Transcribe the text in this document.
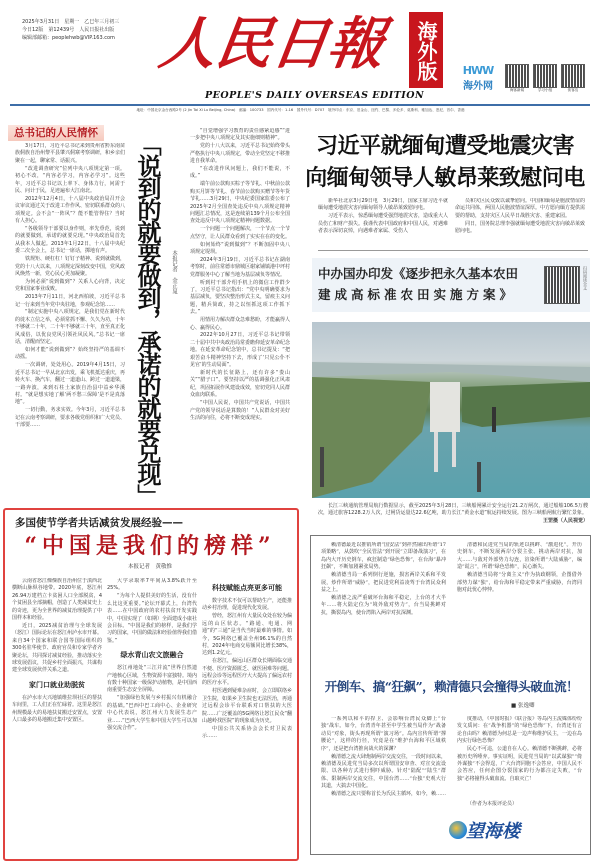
2025年3月31日　星期一　乙巳年三月初三
今日12版　第12439号　人民日报社出版
编辑部邮箱：peoplehwb@VIP.163.com 人民日報 海外版
PEOPLE'S DAILY OVERSEAS EDITION
HWW
海外网	海客新闻	学习小组	侠客岛
地址：中国北京金台西路2号 (2 Jin Tai Xi Lu Beijing, China)　邮编：100733　国内代号：1-16　国外代号：D707　境外印点：东京、旧金山、纽约、巴黎、多伦多、莫斯科、雅加达、悉尼、首尔、香港
总书记的人民情怀

3月17日，习近平总书记来到贵州省黔东南苗族侗族自治州黎平县肇兴侗寨考察调研，和乡亲们聚在一起，聊家常、话振兴。

“改进调查研究”位列中央八项规定第一项。初心不改，“内容必学习，内容必学习”。这些年，习近平总书记以上率下、身体力行，问需于民、问计于民，足迹遍布大江南北。

2012年12月4日，十八届中央政治局召开会议审议通过关于改进工作作风、密切联系群众的八项规定。会不会“一阵风”？能不能管得住？当时有人担心。

“各级领导干部要以身作则，率先垂范，说到的就要做到，承诺的就要兑现。”中央政治局首先从我本人做起。2013年1月22日，十八届中央纪委二次全会上，总书记一席话，掷地有声。

铁规矩、硬杠杠！钉钉子精神、说到就做到，党的十八大以来，八项规定深刻改变中国，党风政风焕然一新，党心民心更加凝聚。

为何必须“说到做到”？关系人心向背，决定党和国家事业成败。

2013年7月11日，河北西柏坡，习近平总书记一行来到当年党中央驻地，参观纪念馆……

“制定实施中央八项规定，是我们党在新时代的徙木立信之举，必须常抓不懈、久久为功，十年不够就二十年，二十年不够就三十年，直至真正化风成俗，以优良党风引领社风民风。”总书记一席话，清醒而坚定。

如何才能“说到做到”？始终坚持严的基调不动摇。

一次调研，处处用心。2019年4月15日，习近平总书记一早从北京出发，乘飞机抵达重庆，再转火车、换汽车，翻过一道道山、跨过一道道梁，一路奔波，来到石柱土家族自治县中益乡华溪村。“就是想实地了解‘两不愁三保障’是不是真落地”。

一切行動，务求实效。今年3月，习近平总书记在云南考察调研，要求各级党组织和广大党员、干部要……	「说到的就要做到，承诺的就要兑现」 本报记者　金正晁

“自觉增强学习教育的责任感紧迫感”“进一步把中央八项规定及其实施细则精神”。

党的十八大以来，习近平总书记始终带头严格执行中央八项规定，带动全党坚定不移推进自我革命。

“在改进作风问题上，我们不能说，不成。”

端午前公款购买粽子等节礼、中秋前公款购买月饼等节礼、春节前公款购买赠节等年货节礼……3月29日，中央纪委国家监委公布了2025年2月全国查处违反中央八项规定精神问题汇总情况，这是连续第139个月公布全国查处违反中央八项规定精神问题数据。

一个问题一个问题解决，一个节点一个节点坚守，让人民群众看到了实实在在的变化。

如何始终“说到做到”？不断加固中央八项规定堤坝。

2024年3月19日，习近平总书记在湖南考察时，前往常德市鼎城区谢家铺镇港中坪村党群服务中心了解当地为基层减负等情况。

听到村干部介绍手机上的微信工作群少了，习近平总书记指出：“党中央明确要求为基层减负，要坚决整治形式主义，留痕主义问题，精兵简政，持之以恒抓这项工作抓下去。”

用情用力解决群众急难愁盼，才能赢得人心、赢得民心。

2022年10月27日，习近平总书记带领二十届中共中央政治局常委瞻仰延安革命纪念地。在延安革命纪念馆中，总书记提及：“把艰苦奋斗精神坚持下去，形成了‘只见公仆不见官’的生动局面”。

新时代的长征路上，还有许多“娄山关”“腊子口”。要坚持以严的基调强化正风肃纪，巩固拓展作风建设成效，密切党同人民群众血肉联系。

“中国人民说，中国共产党说话，中国共产党的领导说话是算数的！”人民群众对美好生活的向往，必将不断变成现实。

习近平就缅甸遭受地震灾害
向缅甸领导人敏昂莱致慰问电

新华社北京3月29日电　3月29日，国家主席习近平就缅甸遭受地震灾害向缅甸领导人敏昂莱致慰问电。

习近平表示，惊悉缅甸遭受强烈地震灾害，造成重大人员伤亡和财产损失。我谨代表中国政府和中国人民，对遇难者表示深切哀悼，向遇难者家属、受伤人

员和灾区民众致以诚挚慰问。中国和缅甸是胞波情谊的命运共同体，两国人民胞波情谊深厚。中方愿向缅方提供需要的帮助，支持灾区人民早日战胜灾害、重建家园。

同日，国务院总理李强就缅甸遭受地震灾害向敏昂莱致慰问电。

中办国办印发《逐步把永久基本农田
建成高标准农田实施方案》
扫码阅读全文

长江三峡通航管理局航行数据显示，截至2025年3月28日，三峡船闸累计安全运行21.2万闸次，通过船舶106.5万艘次，通过旅客1228.2万人次，过闸货运量达22.6亿吨，助力长江“黄金水道”航运持续发展。图为三峡船闸航行繁忙景象。

王罡摄（人民视觉）
多国使节学者共话减贫发展经验——
“中国是我们的榜样”
本报记者　黄敬惟

云南省怒江傈僳族自治州位于滇西北横断山脉纵谷地带。2020年底，怒江州26.94万建档立卡贫困人口全部脱贫，4个贫困县全部摘帽，创造了人类减贫史上的奇迹，更为全世界的减贫治理提供了中国样本和经验。

近日，2025减贫治理与全球发展（怒江）国际论坛在怒江州泸水市开幕。来自34个国家和联合国等国际组织的300名驻华使节、政府官员和专家学者齐聚论坛，共同探讨减贫经验，推动落实全球发展倡议，共促乡村全面振兴，共谋构建全球发展伙伴关系之道。

家门口就业助脱贫

在泸水市大兴地镇维拉坝社区的帮扶车间里，工人们正在忙碌着。这里是怒江州规模最大的易地扶贫搬迁安置点，安置人口最多的易地搬迁集中安置区。

大学录取率7年间从3.8%跃升至25%。

“为每个人提供美好的生活，没有什么比这更重要。”论坛开幕式上，台湾代表……在中国政府的农村扶贫开发实践中，中国实现了（如期）全面建成小康社会目标。“中国是我们的榜样，是我们学习的国家，中国的做法和经验值得我们借鉴。”

绿水青山农文旅融合

怒江州地处“三江并流”世界自然遗产地核心区域，生物资源丰富独特。境内有数十种国家一级保护动植物，是中国西南重要生态安全屏障。

“加强绿色发展与乡村振兴有机融合的基础。”巴西中巴工商中心、企业研究中心代表说，怒江州大力发展生态产业……“巴西大学生和中国大学生可以加强交流合作”。

科技赋能点亮更多可能

数字技术不仅可以帮助生产，还能推动乡村治理，促进现代化发展。

曾经，怒江州有大量民众处在较为偏远的山区状态。“路通、电通、网通”的“三通”是当代当时最难的事情。如今，5G网络已覆盖全州96.1%的自然村，2024年电商交易额同比增长38%，达到1.2亿元。

在怒江，偏远山区群众长期面临交通不便、医疗资源匮乏、就医困难等问题。远程会诊等远程医疗大大提高了偏远农村的医疗水平。

村医遇到疑难杂症时，会立即联络乡卫生院，如果乡卫生院也无法医治，再通过远程会诊平台联系对口帮扶的大医院……广泛覆盖的5G网络让怒江民众“翻山越岭找医院”的现象成为历史。

中国公共关系协会会长对卫民表示……

赖清德最近以推销所谓“国安法”到祥然铺出所谓“17项策略”，从鼓吹“全民管法”到开展“立即备战演习”，在岛内大开历史倒车，疯狂制造“绿色恐怖”，在台海“暴冲狂飙”，不断加剧紧张局势。

赖清德当局一系列倒行逆施，损害两岸关系和平发展，炒作所谓“威胁”，把民进党利益凌驾于台湾民众利益之上。

赖清德之流严重破坏台海和平稳定，上台的才大半年……将大陆定位为“境外敌对势力”，台当局挑衅对抗，撕裂岛内，使台湾陷入两岸对抗深渊。

清德和民进党当局的轨迹以挑衅、“激进化”。开历史倒车，不断发展两岸分裂主张、挑动两岸对抗，加大……与敌对外部势力勾连，渲染所谓“大陆威胁”，编造“谎言”，所谓“绿色恐怖”，民心渐失。

赖清德当局将“分离主义”作为执政纲领，企图借外部势力谋“独”，给台海和平稳定带来严重威胁，台湾同胞对此忧心忡忡。

开倒车、搞“狂飙”，赖清德只会撞得头破血流！
■ 张逸卿

一系列以和平的捍卫、会影响台湾民众脚上“台独”战车。如今，台湾青年甚至中学生被当局作为“战备动员”对象，街头再现所谓“演习场”。岛内宣传所谓“撑腰论”，这样的行径，究竟是在“维护台海和平区域秩序”，还是把台湾推向战火的深渊？

赖清德之流大肆炮制两岸交流交往，一段时间以来，赖清德及民进党当局多次以所谓国安审查、对宣交流设限、以各种方式进行恫吓威胁。针对“陆配”“陆生”群体、限制两岸交流交往，中国台湾……“台独”史观大行其道，大搞去中国化。

赖清德之流只要称首长为氏民主循环，如今，赖……

度推动，《中国时报》《联合报》等岛内主流媒体纷纷发文质问：在“战争机器”的“绿色恐怖”下，台湾还有言论自由吗？赖清德为何总是一边声称维护民主，一边在岛内实行绿色恐怖？

民心不可违，公道自在人心。赖清德不断挑衅，必将被历史所唾弃。事实证明，民进党当局的“以武谋独”“倚外谋独”不会得逞，广大台湾同胞不会答应，中国人民不会答应，任何企图分裂国家的行为都注定失败，“台独”必将撞得头破血流、自取灭亡！

（作者为本报评论员）
望海楼
